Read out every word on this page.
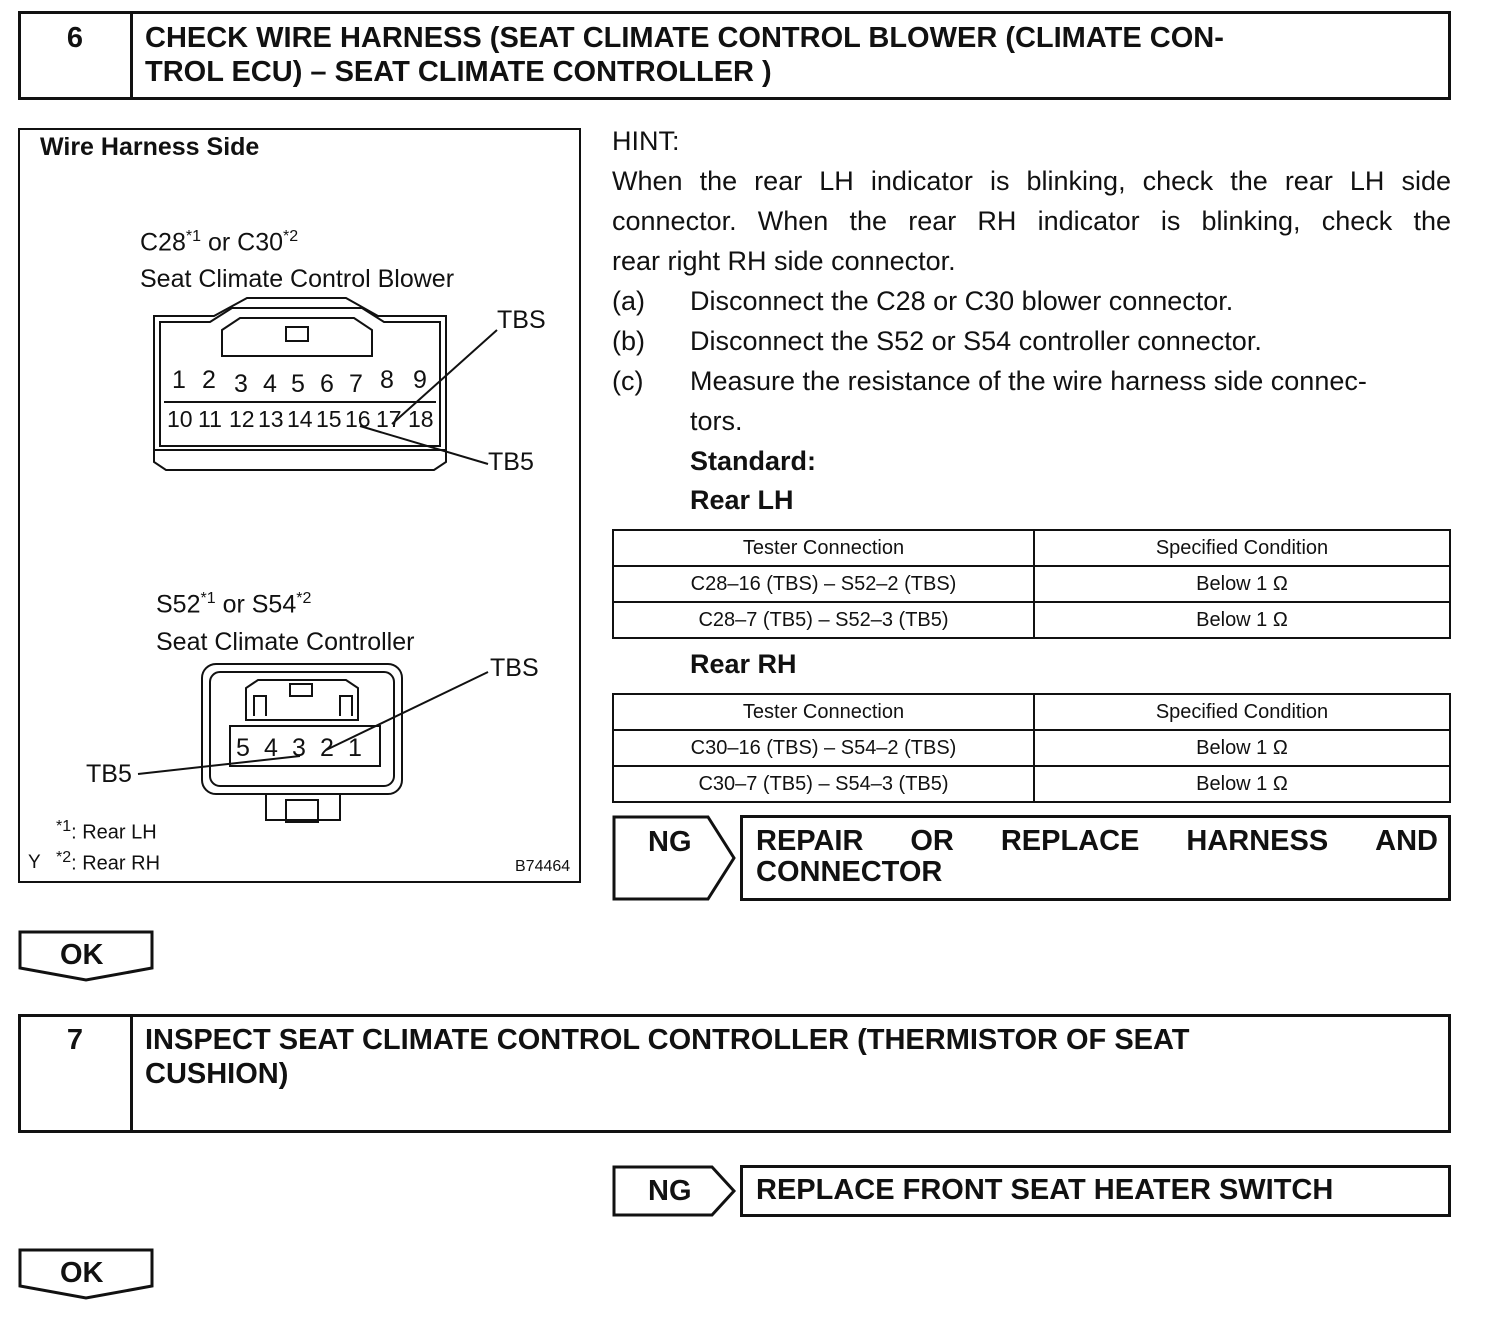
6	CHECK WIRE HARNESS (SEAT CLIMATE CONTROL BLOWER (CLIMATE CON-
TROL ECU) – SEAT CLIMATE CONTROLLER )
Wire Harness Side
C28$^{*1}$ or C30$^{*2}$
Seat Climate Control Blower
1 2 3 4 5 6 7 8 9
10 11 12 13 14 15 16 17 18
TBS
TB5
S52$^{*1}$ or S54$^{*2}$
Seat Climate Controller
5 4 3 2 1
TBS
TB5
$^{*1}$: Rear LH
Y $^{*2}$: Rear RH	B74464
HINT:
When the rear LH indicator is blinking, check the rear LH side
connector. When the rear RH indicator is blinking, check the
rear right RH side connector.
(a) Disconnect the C28 or C30 blower connector.
(b) Disconnect the S52 or S54 controller connector.
(c) Measure the resistance of the wire harness side connec-
tors.
Standard:
Rear LH
Tester Connection	Specified Condition
C28–16 (TBS) – S52–2 (TBS)	Below 1 Ω
C28–7 (TB5) – S52–3 (TB5)	Below 1 Ω
Rear RH
Tester Connection	Specified Condition
C30–16 (TBS) – S54–2 (TBS)	Below 1 Ω
C30–7 (TB5) – S54–3 (TB5)	Below 1 Ω
NG REPAIR OR REPLACE HARNESS AND
CONNECTOR
OK
7	INSPECT SEAT CLIMATE CONTROL CONTROLLER (THERMISTOR OF SEAT
CUSHION)
NG REPLACE FRONT SEAT HEATER SWITCH
OK
